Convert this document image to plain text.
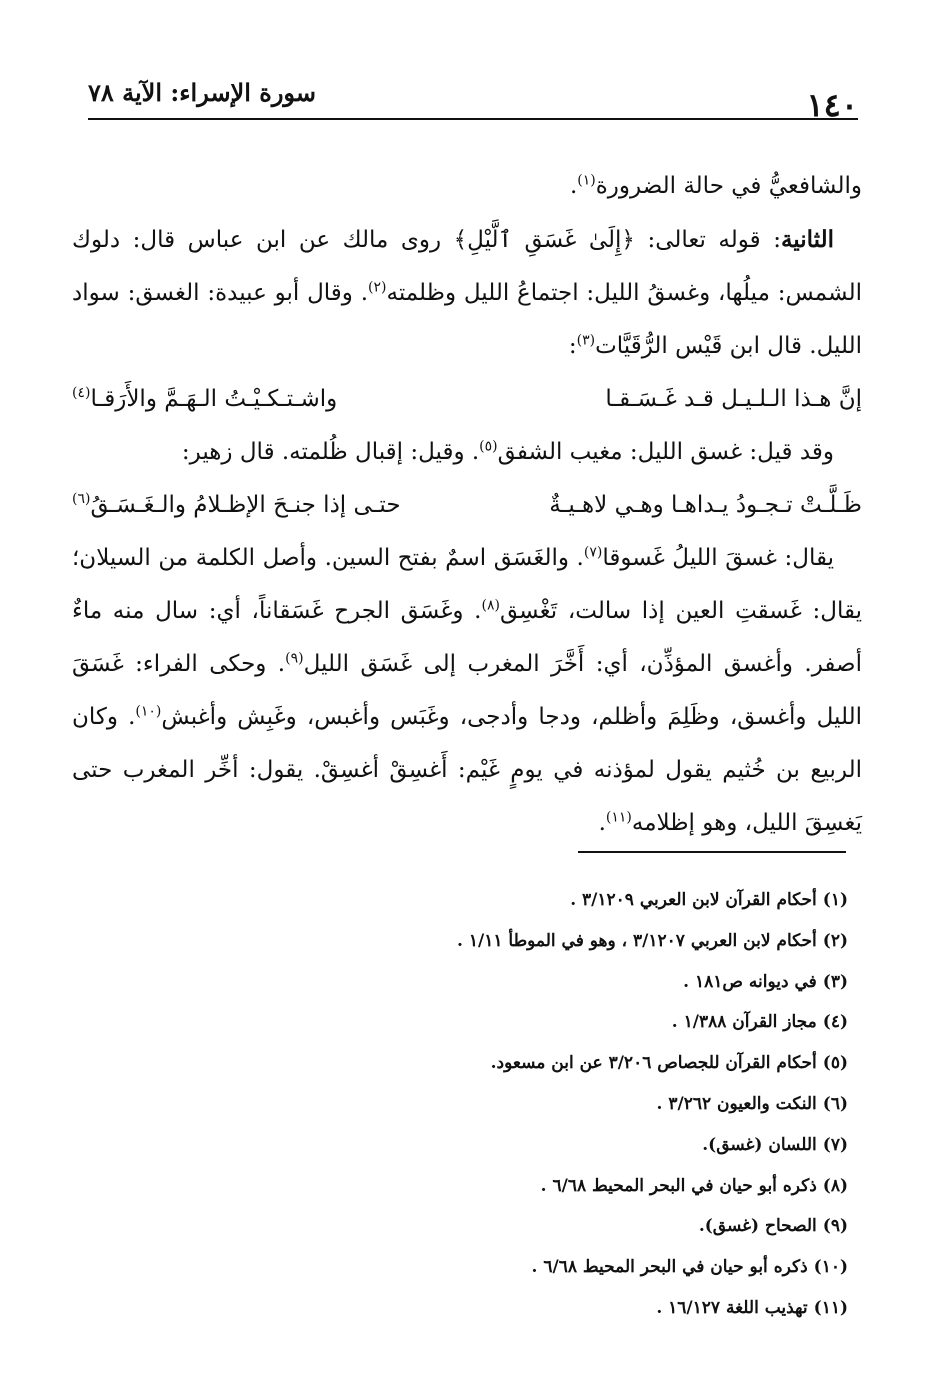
١٤٠
سورة الإسراء: الآية ٧٨

والشافعيُّ في حالة الضرورة$^{(١)}$.

الثانية: قوله تعالى: ﴿إِلَىٰ غَسَقِ ٱلَّيْلِ﴾ روى مالك عن ابن عباس قال: دلوك الشمس: ميلُها، وغسقُ الليل: اجتماعُ الليل وظلمته$^{(٢)}$. وقال أبو عبيدة: الغسق: سواد الليل. قال ابن قَيْس الرُّقَيَّات$^{(٣)}$:

إنَّ هـذا الـلـيـل قـد غَـسَـقـا
واشـتـكـيْـتُ الـهَـمَّ والأَرَقـا(٤)

وقد قيل: غسق الليل: مغيب الشفق$^{(٥)}$. وقيل: إقبال ظُلمته. قال زهير:

ظَـلَّـتْ تـجـودُ يـداهـا وهـي لاهـيـةٌ
حتـى إذا جنـحَ الإظـلامُ والـغَـسَـقُ(٦)

يقال: غسقَ الليلُ غَسوقا$^{(٧)}$. والغَسَق اسمٌ بفتح السين. وأصل الكلمة من السيلان؛ يقال: غَسقتِ العين إذا سالت، تَغْسِق$^{(٨)}$. وغَسَق الجرح غَسَقاناً، أي: سال منه ماءٌ أصفر. وأغسق المؤذِّن، أي: أَخَّرَ المغرب إلى غَسَق الليل$^{(٩)}$. وحكى الفراء: غَسَقَ الليل وأغسق، وظَلِمَ وأظلم، ودجا وأدجى، وغَبَس وأغبس، وغَبِش وأغبش$^{(١٠)}$. وكان الربيع بن خُثيم يقول لمؤذنه في يومٍ غَيْم: أَغسِقْ أغسِقْ. يقول: أخِّر المغرب حتى يَغسِقَ الليل، وهو إظلامه$^{(١١)}$.

(١)أحكام القرآن لابن العربي ٣/١٢٠٩ .
(٢)أحكام لابن العربي ٣/١٢٠٧ ، وهو في الموطأ ١/١١ .
(٣)في ديوانه ص١٨١ .
(٤)مجاز القرآن ١/٣٨٨ .
(٥)أحكام القرآن للجصاص ٣/٢٠٦ عن ابن مسعود.
(٦)النكت والعيون ٣/٢٦٢ .
(٧)اللسان (غسق).
(٨)ذكره أبو حيان في البحر المحيط ٦/٦٨ .
(٩)الصحاح (غسق).
(١٠)ذكره أبو حيان في البحر المحيط ٦/٦٨ .
(١١)تهذيب اللغة ١٦/١٢٧ .
